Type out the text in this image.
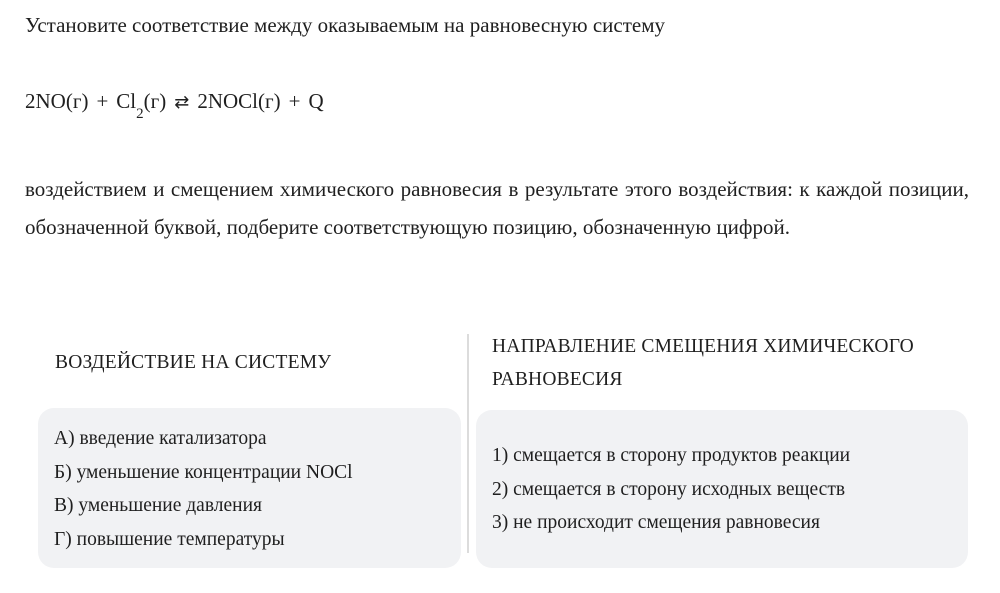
Установите соответствие между оказываемым на равновесную систему

2NO(г) + Cl2(г) ⇄ 2NOCl(г) + Q

воздействием и смещением химического равновесия в результате этого воздействия: к каждой позиции, обозначенной буквой, подберите соответствующую позицию, обозначенную цифрой.

ВОЗДЕЙСТВИЕ НА СИСТЕМУ
НАПРАВЛЕНИЕ СМЕЩЕНИЯ ХИМИЧЕСКОГО РАВНОВЕСИЯ
А) введение катализатора
Б) уменьшение концентрации NOCl
В) уменьшение давления
Г) повышение температуры
1) смещается в сторону продуктов реакции
2) смещается в сторону исходных веществ
3) не происходит смещения равновесия
